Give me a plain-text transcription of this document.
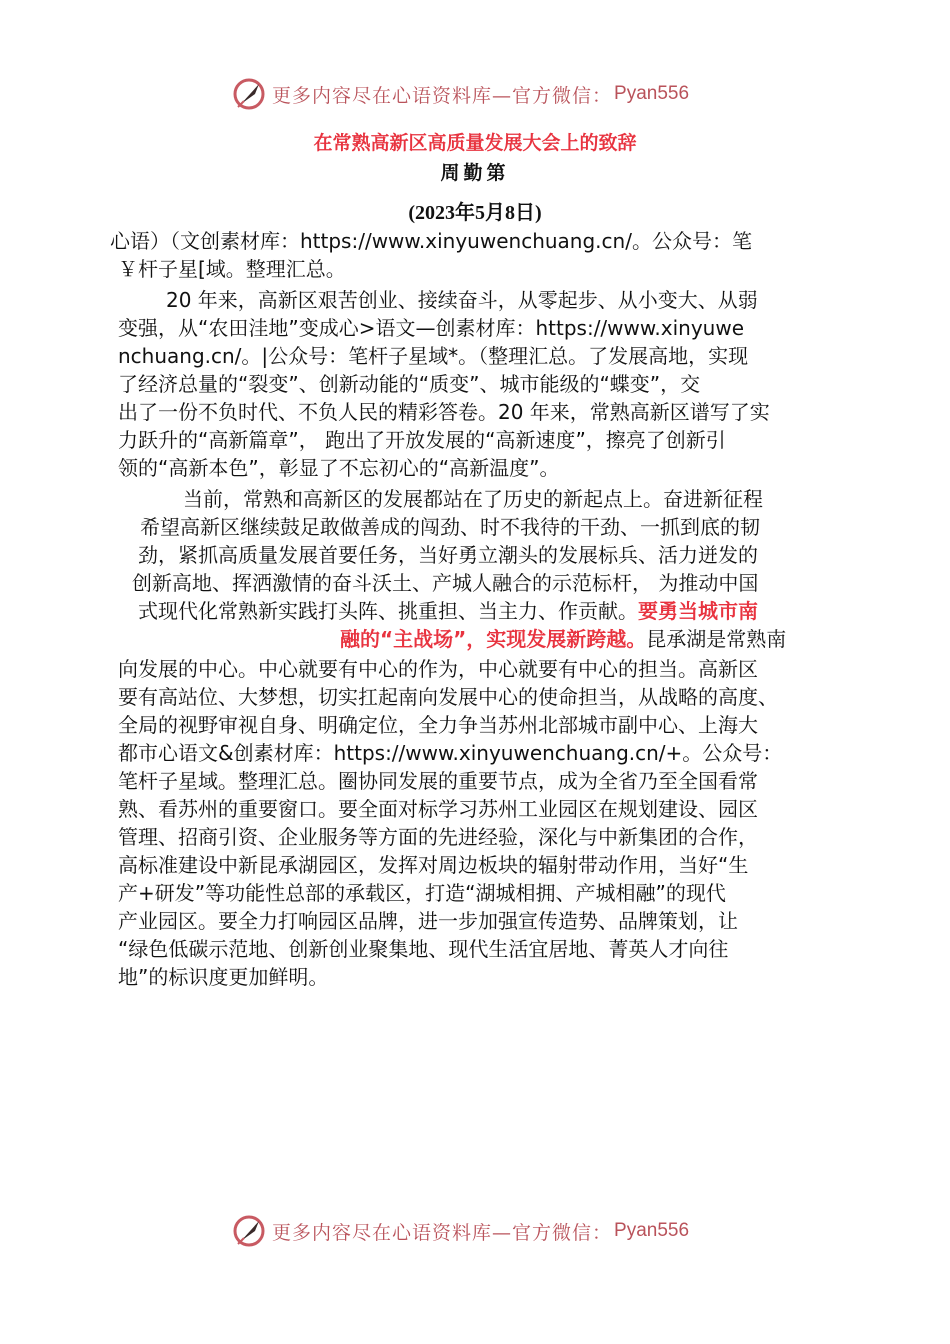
更多内容尽在心语资料库—官方微信： Pyan556
在常熟高新区高质量发展大会上的致辞
周勤第
(2023年5月8日)
心语）（文创素材库：https://www.xinyuwenchuang.cn/。公众号：笔
￥杆子星[域。整理汇总。
20 年来，高新区艰苦创业、接续奋斗，从零起步、从小变大、从弱
变强，从“农田洼地”变成心>语文—创素材库：https://www.xinyuwe
nchuang.cn/。|公众号：笔杆子星域*。（整理汇总。了发展高地，实现
了经济总量的“裂变”、创新动能的“质变”、城市能级的“蝶变”，交
出了一份不负时代、不负人民的精彩答卷。20 年来，常熟高新区谱写了实
力跃升的“高新篇章”， 跑出了开放发展的“高新速度”，擦亮了创新引
领的“高新本色”，彰显了不忘初心的“高新温度”。
当前，常熟和高新区的发展都站在了历史的新起点上。奋进新征程
希望高新区继续鼓足敢做善成的闯劲、时不我待的干劲、一抓到底的韧
劲，紧抓高质量发展首要任务，当好勇立潮头的发展标兵、活力迸发的
创新高地、挥洒激情的奋斗沃土、产城人融合的示范标杆， 为推动中国
式现代化常熟新实践打头阵、挑重担、当主力、作贡献。要勇当城市南
融的“主战场”，实现发展新跨越。昆承湖是常熟南
向发展的中心。中心就要有中心的作为，中心就要有中心的担当。高新区
要有高站位、大梦想，切实扛起南向发展中心的使命担当，从战略的高度、
全局的视野审视自身、明确定位，全力争当苏州北部城市副中心、上海大
都市心语文&创素材库：https://www.xinyuwenchuang.cn/+。公众号：
笔杆子星域。整理汇总。圈协同发展的重要节点，成为全省乃至全国看常
熟、看苏州的重要窗口。要全面对标学习苏州工业园区在规划建设、园区
管理、招商引资、企业服务等方面的先进经验，深化与中新集团的合作，
高标准建设中新昆承湖园区，发挥对周边板块的辐射带动作用，当好“生
产+研发”等功能性总部的承载区，打造“湖城相拥、产城相融”的现代
产业园区。要全力打响园区品牌，进一步加强宣传造势、品牌策划，让
“绿色低碳示范地、创新创业聚集地、现代生活宜居地、菁英人才向往
地”的标识度更加鲜明。
更多内容尽在心语资料库—官方微信： Pyan556
